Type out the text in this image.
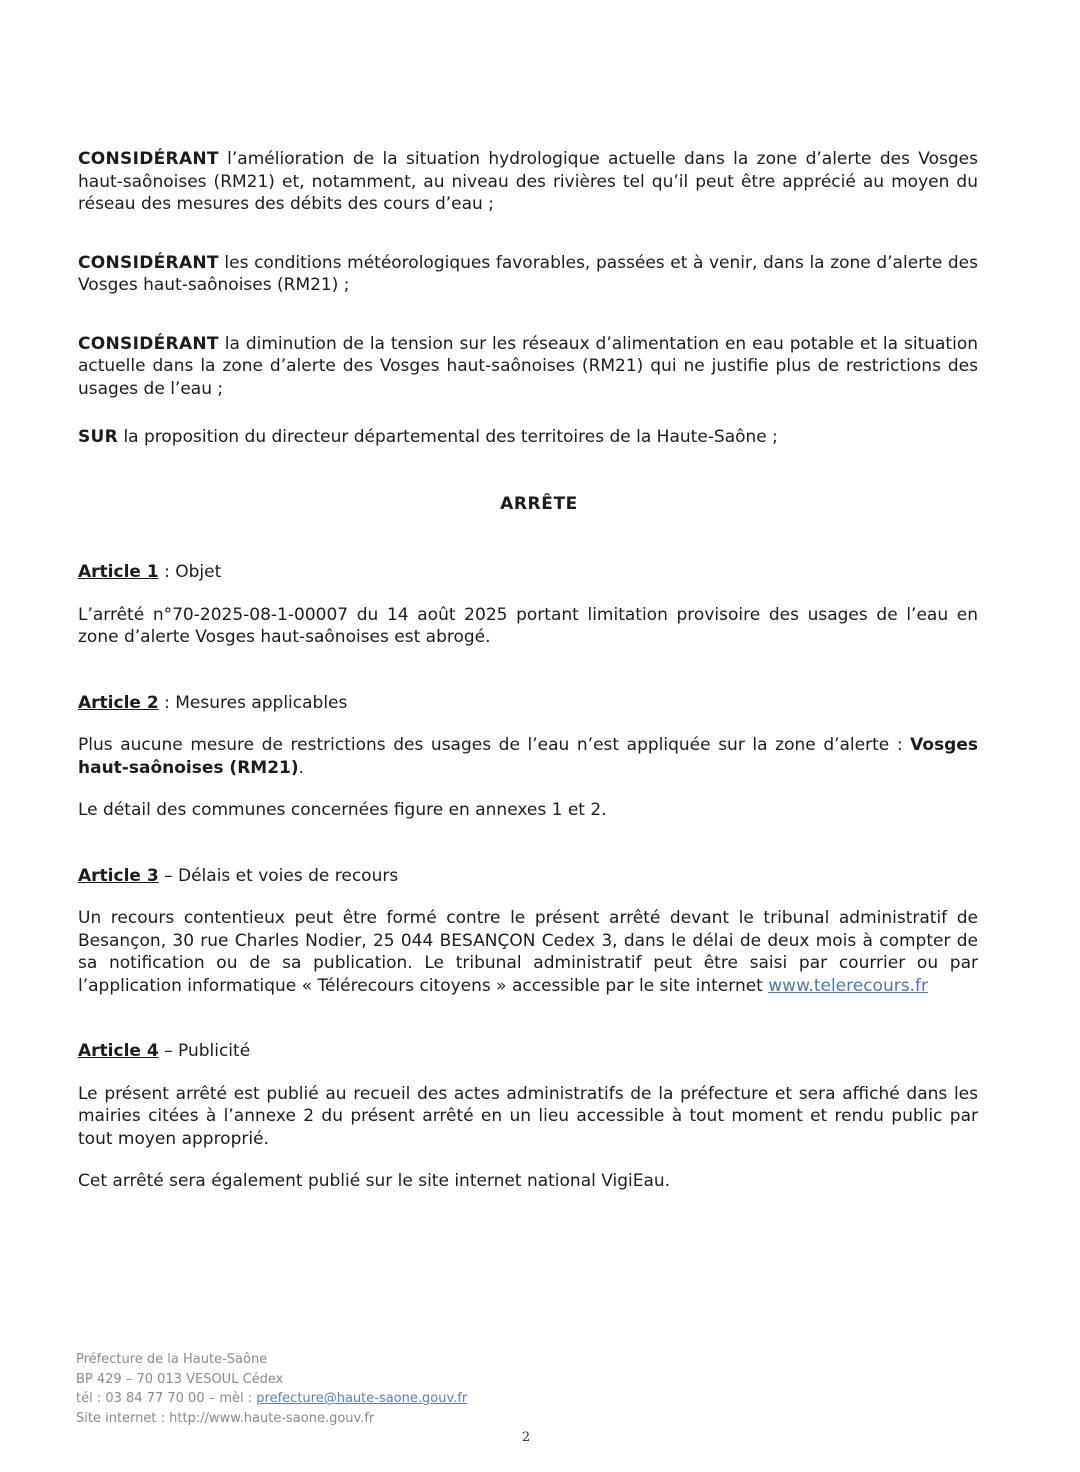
CONSIDÉRANT l’amélioration de la situation hydrologique actuelle dans la zone d’alerte des Vosges haut-saônoises (RM21) et, notamment, au niveau des rivières tel qu’il peut être apprécié au moyen du réseau des mesures des débits des cours d’eau ;

CONSIDÉRANT les conditions météorologiques favorables, passées et à venir, dans la zone d’alerte des Vosges haut-saônoises (RM21) ;

CONSIDÉRANT la diminution de la tension sur les réseaux d’alimentation en eau potable et la situation actuelle dans la zone d’alerte des Vosges haut-saônoises (RM21) qui ne justifie plus de restrictions des usages de l’eau ;

SUR la proposition du directeur départemental des territoires de la Haute-Saône ;

ARRÊTE

Article 1 : Objet

L’arrêté n°70-2025-08-1-00007 du 14 août 2025 portant limitation provisoire des usages de l’eau en zone d’alerte Vosges haut-saônoises est abrogé.

Article 2 : Mesures applicables

Plus aucune mesure de restrictions des usages de l’eau n’est appliquée sur la zone d’alerte : Vosges haut-saônoises (RM21).

Le détail des communes concernées figure en annexes 1 et 2.

Article 3 – Délais et voies de recours

Un recours contentieux peut être formé contre le présent arrêté devant le tribunal administratif de Besançon, 30 rue Charles Nodier, 25 044 BESANÇON Cedex 3, dans le délai de deux mois à compter de sa notification ou de sa publication. Le tribunal administratif peut être saisi par courrier ou par l’application informatique « Télérecours citoyens » accessible par le site internet www.telerecours.fr

Article 4 – Publicité

Le présent arrêté est publié au recueil des actes administratifs de la préfecture et sera affiché dans les mairies citées à l’annexe 2 du présent arrêté en un lieu accessible à tout moment et rendu public par tout moyen approprié.

Cet arrêté sera également publié sur le site internet national VigiEau.

Préfecture de la Haute-Saône
BP 429 – 70 013 VESOUL Cédex
tél : 03 84 77 70 00 – mèl : prefecture@haute-saone.gouv.fr
Site internet : http://www.haute-saone.gouv.fr
2
